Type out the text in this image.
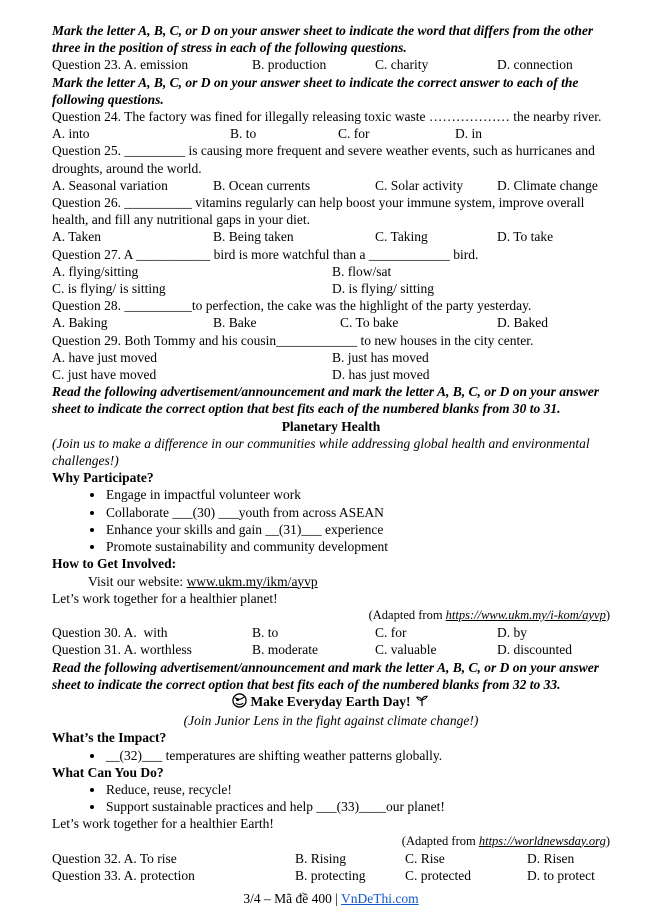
Mark the letter A, B, C, or D on your answer sheet to indicate the word that differs from the other three in the position of stress in each of the following questions.
Question 23. A. emission	B. production	C. charity	D. connection
Mark the letter A, B, C, or D on your answer sheet to indicate the correct answer to each of the following questions.
Question 24. The factory was fined for illegally releasing toxic waste ……………… the nearby river.
A. into	B. to	C. for	D. in
Question 25. _________ is causing more frequent and severe weather events, such as hurricanes and droughts, around the world.
A. Seasonal variation	B. Ocean currents	C. Solar activity	D. Climate change
Question 26. __________ vitamins regularly can help boost your immune system, improve overall health, and fill any nutritional gaps in your diet.
A. Taken	B. Being taken	C. Taking	D. To take
Question 27. A ___________ bird is more watchful than a ____________ bird.
A. flying/sitting	B. flow/sat
C. is flying/ is sitting	D. is flying/ sitting
Question 28. __________to perfection, the cake was the highlight of the party yesterday.
A. Baking	B. Bake	C. To bake	D. Baked
Question 29. Both Tommy and his cousin____________ to new houses in the city center.
A. have just moved	B. just has moved
C. just have moved	D. has just moved
Read the following advertisement/announcement and mark the letter A, B, C, or D on your answer sheet to indicate the correct option that best fits each of the numbered blanks from 30 to 31.
Planetary Health
(Join us to make a difference in our communities while addressing global health and environmental challenges!)
Why Participate?
• Engage in impactful volunteer work
• Collaborate ___(30) ___youth from across ASEAN
• Enhance your skills and gain __(31)___ experience
• Promote sustainability and community development
How to Get Involved:
Visit our website: www.ukm.my/ikm/ayvp
Let’s work together for a healthier planet!
(Adapted from https://www.ukm.my/i-kom/ayvp)
Question 30. A.  with	B. to	C. for	D. by
Question 31. A. worthless	B. moderate	C. valuable	D. discounted
Read the following advertisement/announcement and mark the letter A, B, C, or D on your answer sheet to indicate the correct option that best fits each of the numbered blanks from 32 to 33.
Make Everyday Earth Day!
(Join Junior Lens in the fight against climate change!)
What’s the Impact?
• __(32)___ temperatures are shifting weather patterns globally.
What Can You Do?
• Reduce, reuse, recycle!
• Support sustainable practices and help ___(33)____our planet!
Let’s work together for a healthier Earth!
(Adapted from https://worldnewsday.org)
Question 32. A. To rise	B. Rising	C. Rise	D. Risen
Question 33. A. protection	B. protecting	C. protected	D. to protect
3/4 – Mã đề 400 | VnDeThi.com
